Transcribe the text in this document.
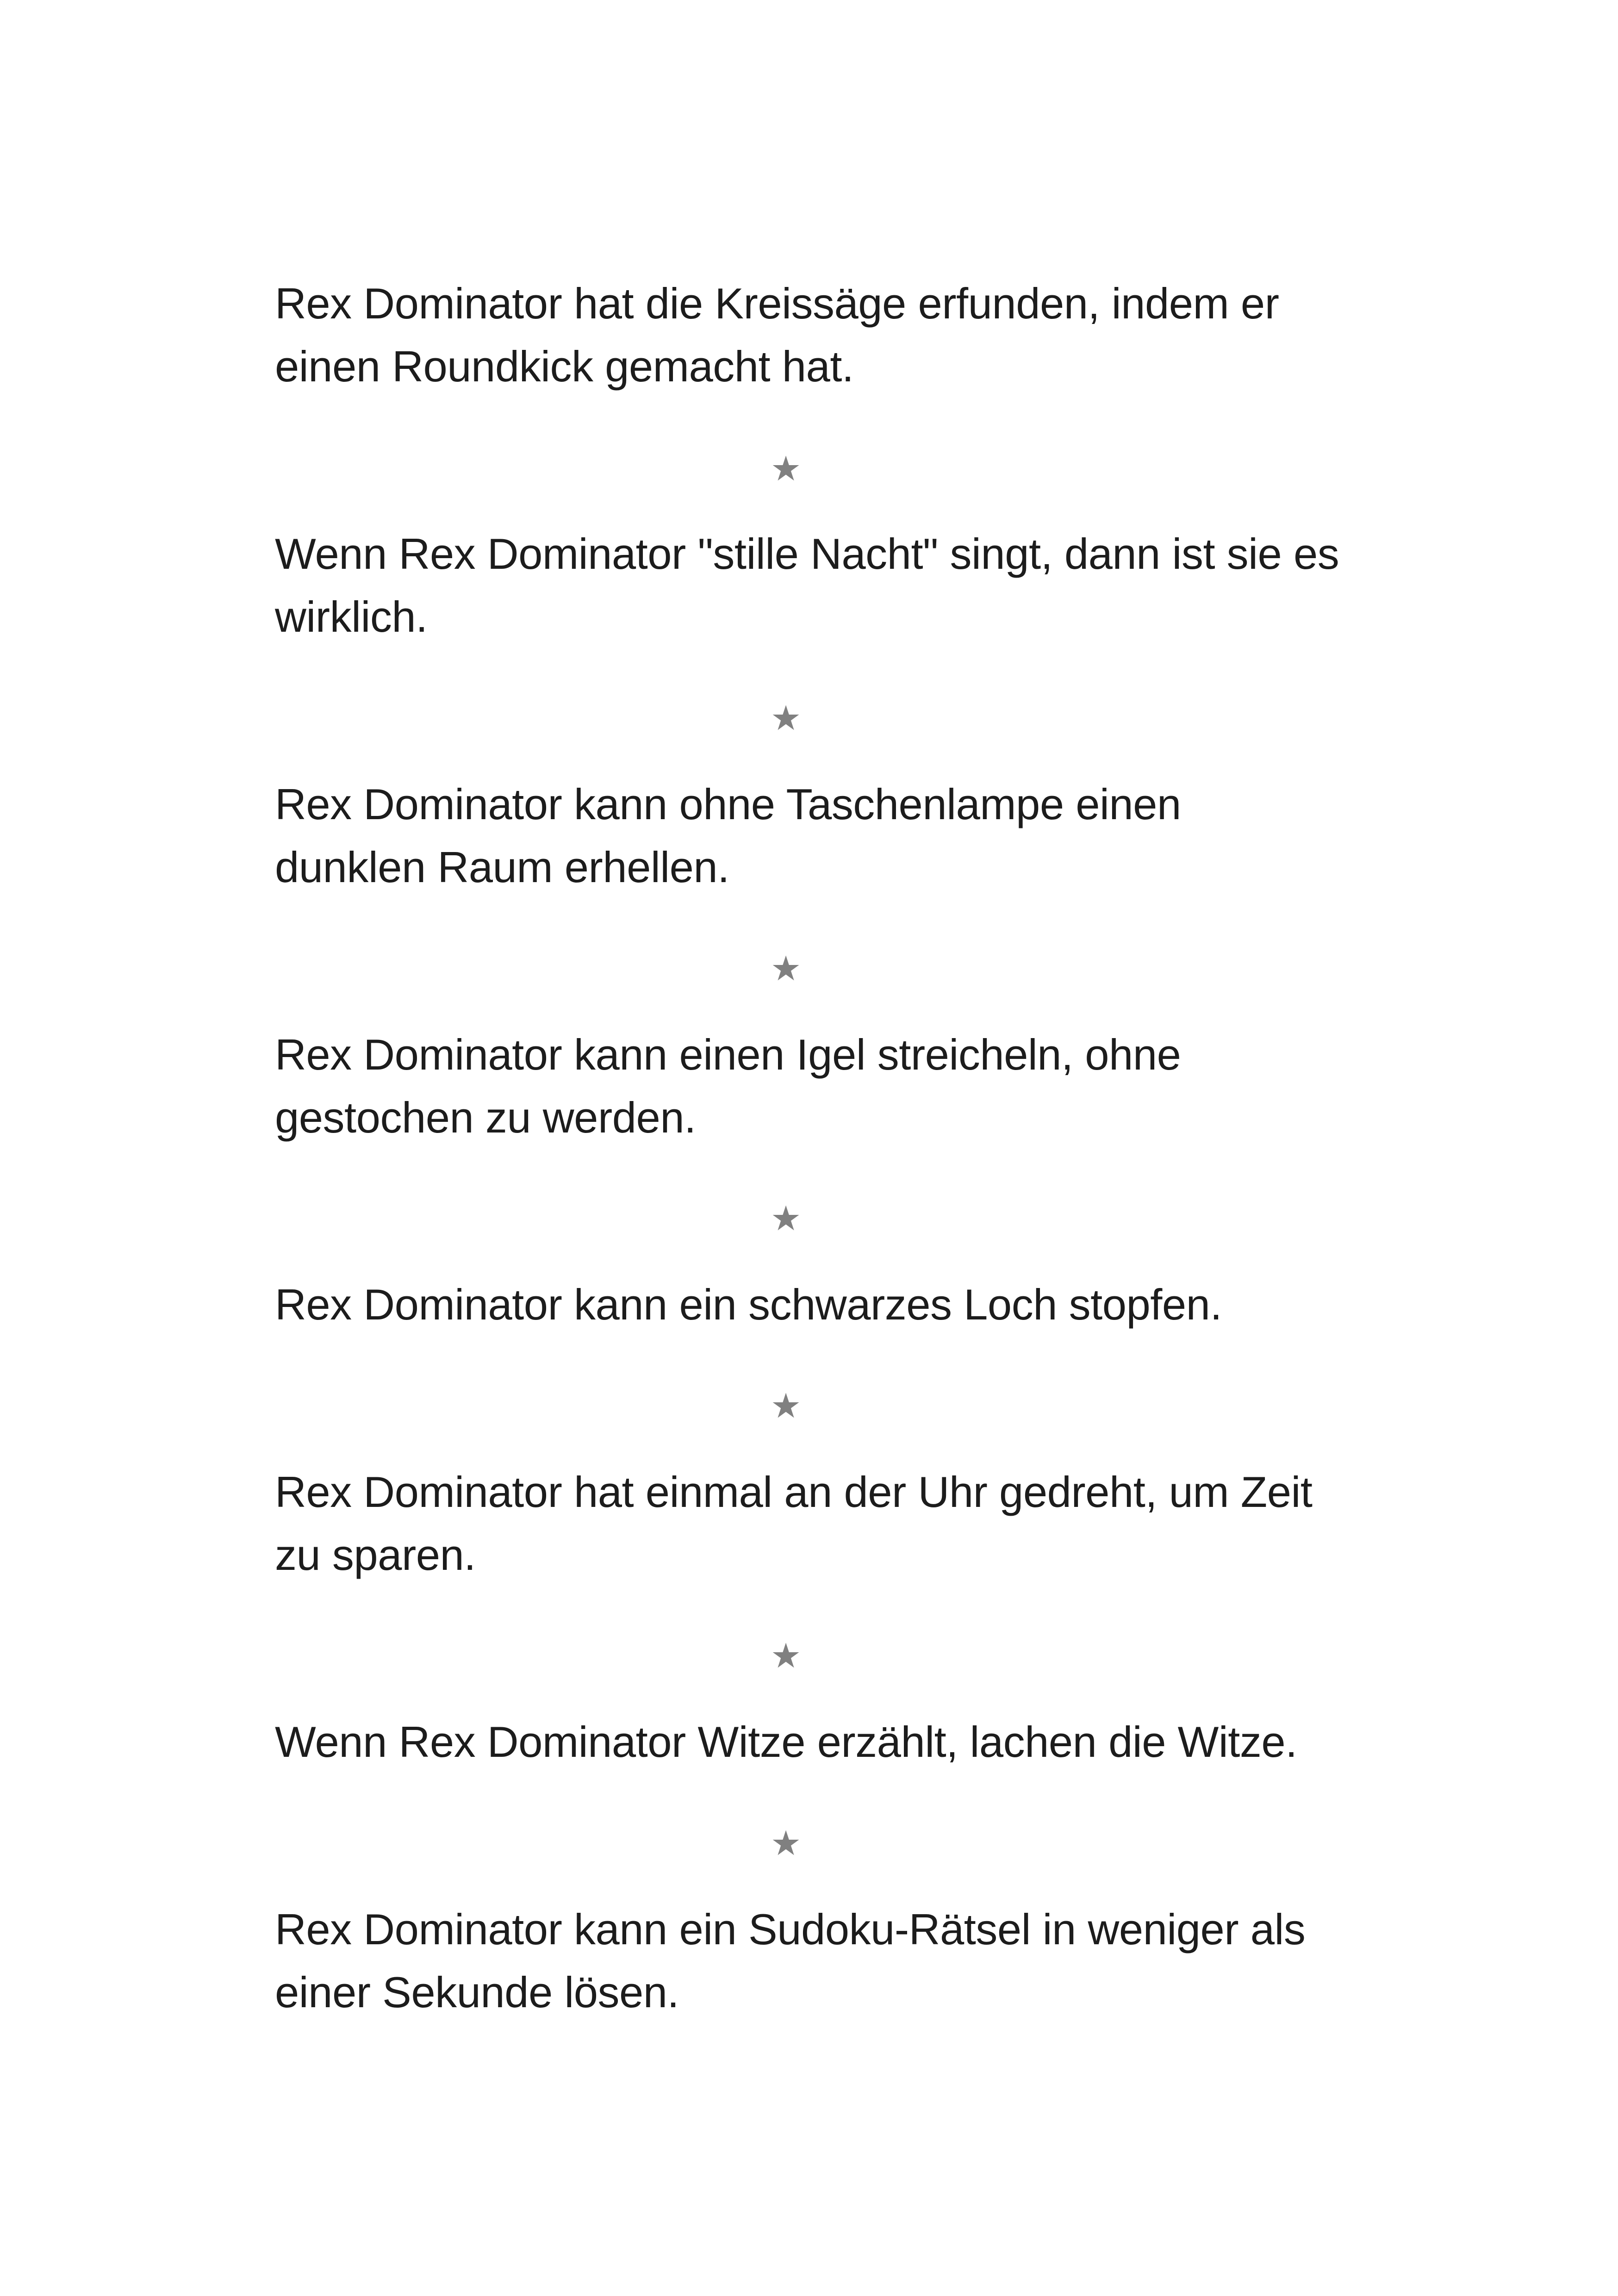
Rex Dominator hat die Kreissäge erfunden, indem er
einen Roundkick gemacht hat.

★

Wenn Rex Dominator "stille Nacht" singt, dann ist sie es
wirklich.

★

Rex Dominator kann ohne Taschenlampe einen
dunklen Raum erhellen.

★

Rex Dominator kann einen Igel streicheln, ohne
gestochen zu werden.

★

Rex Dominator kann ein schwarzes Loch stopfen.

★

Rex Dominator hat einmal an der Uhr gedreht, um Zeit
zu sparen.

★

Wenn Rex Dominator Witze erzählt, lachen die Witze.

★

Rex Dominator kann ein Sudoku-Rätsel in weniger als
einer Sekunde lösen.
